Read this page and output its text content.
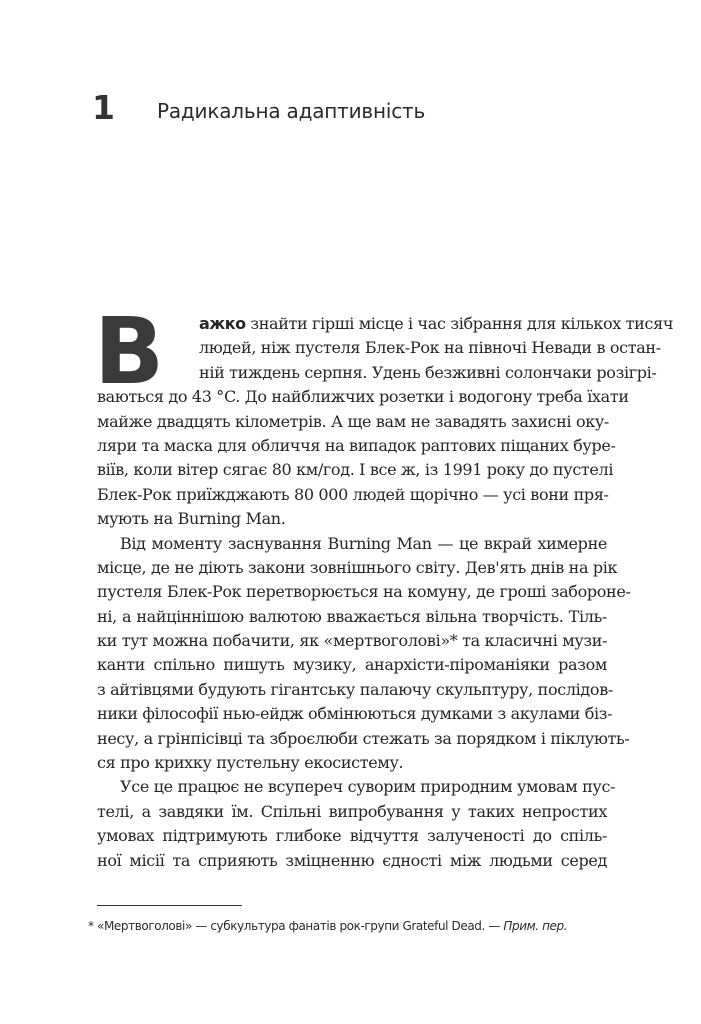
1 Радикальна адаптивність
В	ажко знайти гірші місце і час зібрання для кількох тисяч
людей, ніж пустеля Блек-Рок на півночі Невади в остан-
ній тиждень серпня. Удень безживні солончаки розігрі-
ваються до 43 °C. До найближчих розетки і водогону треба їхати
майже двадцять кілометрів. А ще вам не завадять захисні оку-
ляри та маска для обличчя на випадок раптових піщаних буре-
віїв, коли вітер сягає 80 км/год. І все ж, із 1991 року до пустелі
Блек-Рок приїжджають 80 000 людей щорічно — усі вони пря-
мують на Burning Man.
Від моменту заснування Burning Man — це вкрай химерне
місце, де не діють закони зовнішнього світу. Дев'ять днів на рік
пустеля Блек-Рок перетворюється на комуну, де гроші заборонe-
ні, а найціннішою валютою вважається вільна творчість. Тіль-
ки тут можна побачити, як «мертвоголові»* та класичні музи-
канти спільно пишуть музику, анархісти-піроманіяки разом
з айтівцями будують гігантську палаючу скульптуру, послідов-
ники філософії нью-ейдж обмінюються думками з акулами біз-
несу, а грінпісівці та зброєлюби стежать за порядком і піклують-
ся про крихку пустельну екосистему.
Усе це працює не всупереч суворим природним умовам пус-
телі, а завдяки їм. Спільні випробування у таких непростих
умовах підтримують глибоке відчуття залученості до спіль-
ної місії та сприяють зміцненню єдності між людьми серед
* «Мертвоголові» — субкультура фанатів рок-групи Grateful Dead. — Прим. пер.
